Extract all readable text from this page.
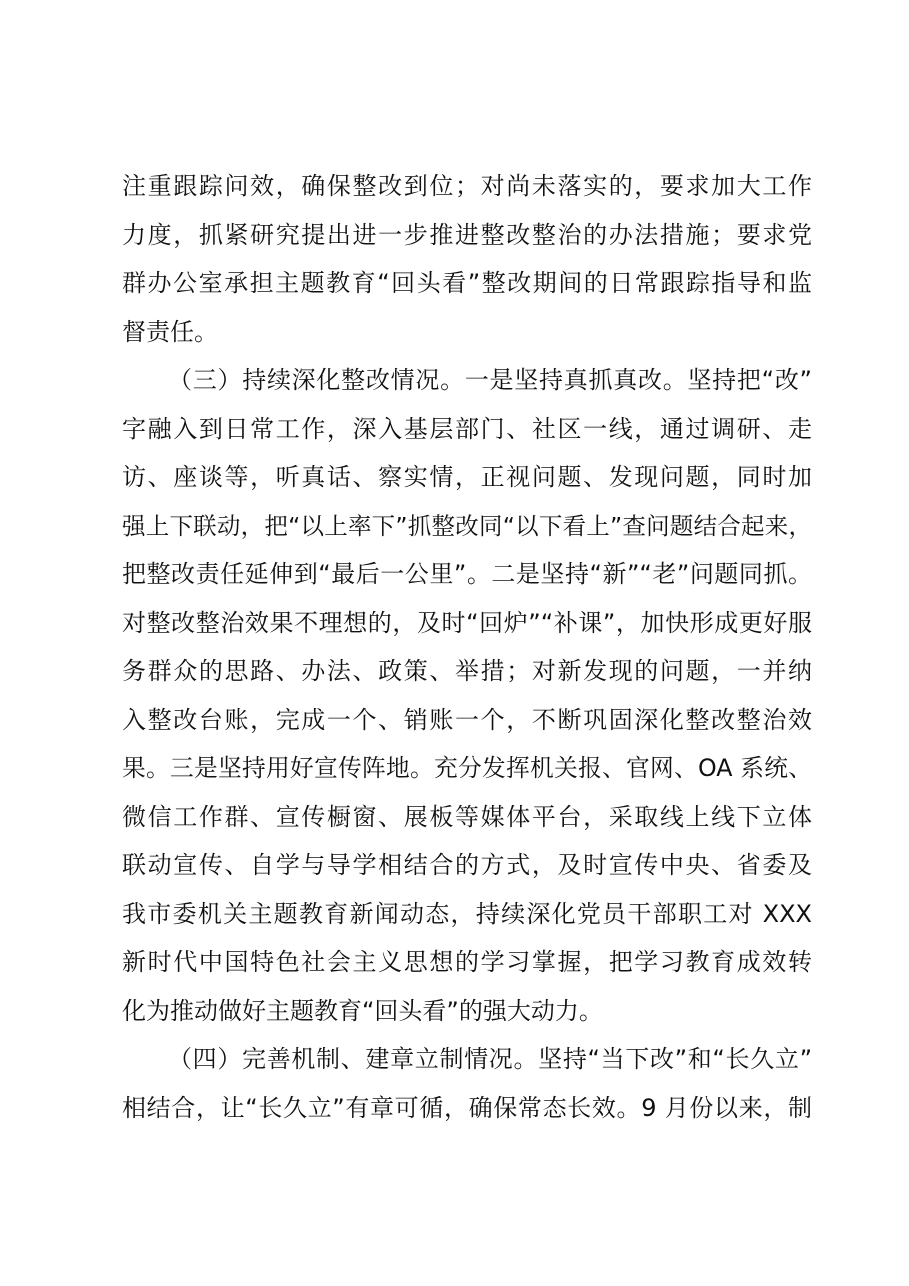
注重跟踪问效，确保整改到位；对尚未落实的，要求加大工作
力度，抓紧研究提出进一步推进整改整治的办法措施；要求党
群办公室承担主题教育“回头看”整改期间的日常跟踪指导和监
督责任。
（三）持续深化整改情况。一是坚持真抓真改。坚持把“改”
字融入到日常工作，深入基层部门、社区一线，通过调研、走
访、座谈等，听真话、察实情，正视问题、发现问题，同时加
强上下联动，把“以上率下”抓整改同“以下看上”查问题结合起来，
把整改责任延伸到“最后一公里”。二是坚持“新”“老”问题同抓。
对整改整治效果不理想的，及时“回炉”“补课”，加快形成更好服
务群众的思路、办法、政策、举措；对新发现的问题，一并纳
入整改台账，完成一个、销账一个，不断巩固深化整改整治效
果。三是坚持用好宣传阵地。充分发挥机关报、官网、OA 系统、
微信工作群、宣传橱窗、展板等媒体平台，采取线上线下立体
联动宣传、自学与导学相结合的方式，及时宣传中央、省委及
我市委机关主题教育新闻动态，持续深化党员干部职工对 XXX
新时代中国特色社会主义思想的学习掌握，把学习教育成效转
化为推动做好主题教育“回头看”的强大动力。
（四）完善机制、建章立制情况。坚持“当下改”和“长久立”
相结合，让“长久立”有章可循，确保常态长效。9 月份以来，制
